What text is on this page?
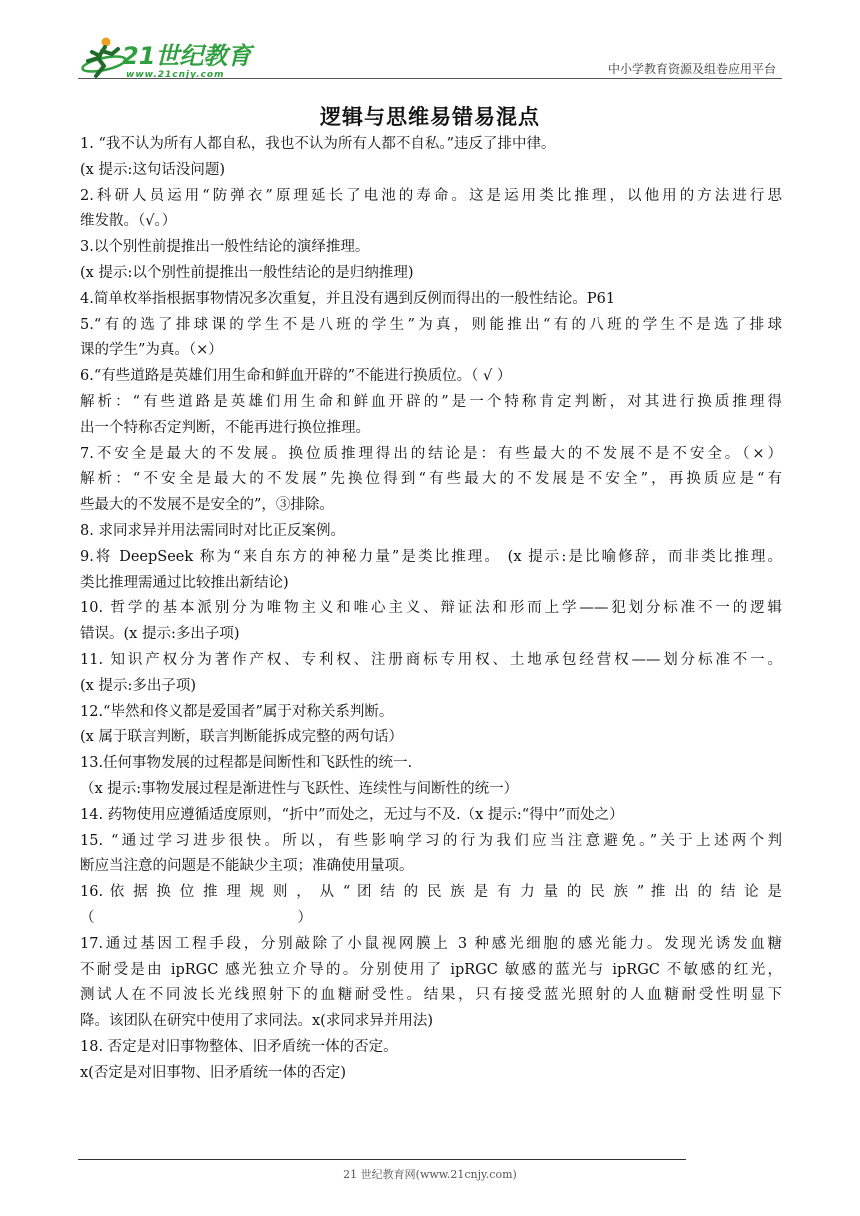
21世纪教育
www.21cnjy.com	中小学教育资源及组卷应用平台
逻辑与思维易错易混点
1. “我不认为所有人都自私，我也不认为所有人都不自私。”违反了排中律。
(x 提示:这句话没问题)
2.科研人员运用“防弹衣”原理延长了电池的寿命。这是运用类比推理，以他用的方法进行思
维发散。（√。）
3.以个别性前提推出一般性结论的演绎推理。
(x 提示:以个别性前提推出一般性结论的是归纳推理)
4.简单枚举指根据事物情况多次重复，并且没有遇到反例而得出的一般性结论。P61
5.“有的选了排球课的学生不是八班的学生”为真，则能推出“有的八班的学生不是选了排球
课的学生”为真。（×）
6.“有些道路是英雄们用生命和鲜血开辟的”不能进行换质位。（ √ ）
解析：“有些道路是英雄们用生命和鲜血开辟的”是一个特称肯定判断，对其进行换质推理得
出一个特称否定判断，不能再进行换位推理。
7.不安全是最大的不发展。换位质推理得出的结论是：有些最大的不发展不是不安全。（×）
解析：“不安全是最大的不发展”先换位得到“有些最大的不发展是不安全”，再换质应是“有
些最大的不发展不是安全的”，③排除。
8. 求同求异并用法需同时对比正反案例。
9.将 DeepSeek 称为“来自东方的神秘力量”是类比推理。 (x 提示:是比喻修辞，而非类比推理。
类比推理需通过比较推出新结论)
10. 哲学的基本派别分为唯物主义和唯心主义、辩证法和形而上学——犯划分标准不一的逻辑
错误。(x 提示:多出子项)
11. 知识产权分为著作产权、专利权、注册商标专用权、土地承包经营权——划分标准不一。
(x 提示:多出子项)
12.“毕然和佟义都是爱国者”属于对称关系判断。
(x 属于联言判断，联言判断能拆成完整的两句话）
13.任何事物发展的过程都是间断性和飞跃性的统一.
（x 提示:事物发展过程是渐进性与飞跃性、连续性与间断性的统一）
14. 药物使用应遵循适度原则，“折中”而处之，无过与不及.（x 提示:“得中”而处之）
15. “通过学习进步很快。所以，有些影响学习的行为我们应当注意避免。”关于上述两个判
断应当注意的问题是不能缺少主项；准确使用量项。
16. 依 据 换 位 推 理 规 则 ， 从 “ 团 结 的 民 族 是 有 力 量 的 民 族 ” 推 出 的 结 论 是
（　　　　　　　　　　　　　　）
17.通过基因工程手段，分别敲除了小鼠视网膜上 3 种感光细胞的感光能力。发现光诱发血糖
不耐受是由 ipRGC 感光独立介导的。分别使用了 ipRGC 敏感的蓝光与 ipRGC 不敏感的红光，
测试人在不同波长光线照射下的血糖耐受性。结果，只有接受蓝光照射的人血糖耐受性明显下
降。该团队在研究中使用了求同法。x(求同求异并用法)
18. 否定是对旧事物整体、旧矛盾统一体的否定。
x(否定是对旧事物、旧矛盾统一体的否定)
21 世纪教育网(www.21cnjy.com)
